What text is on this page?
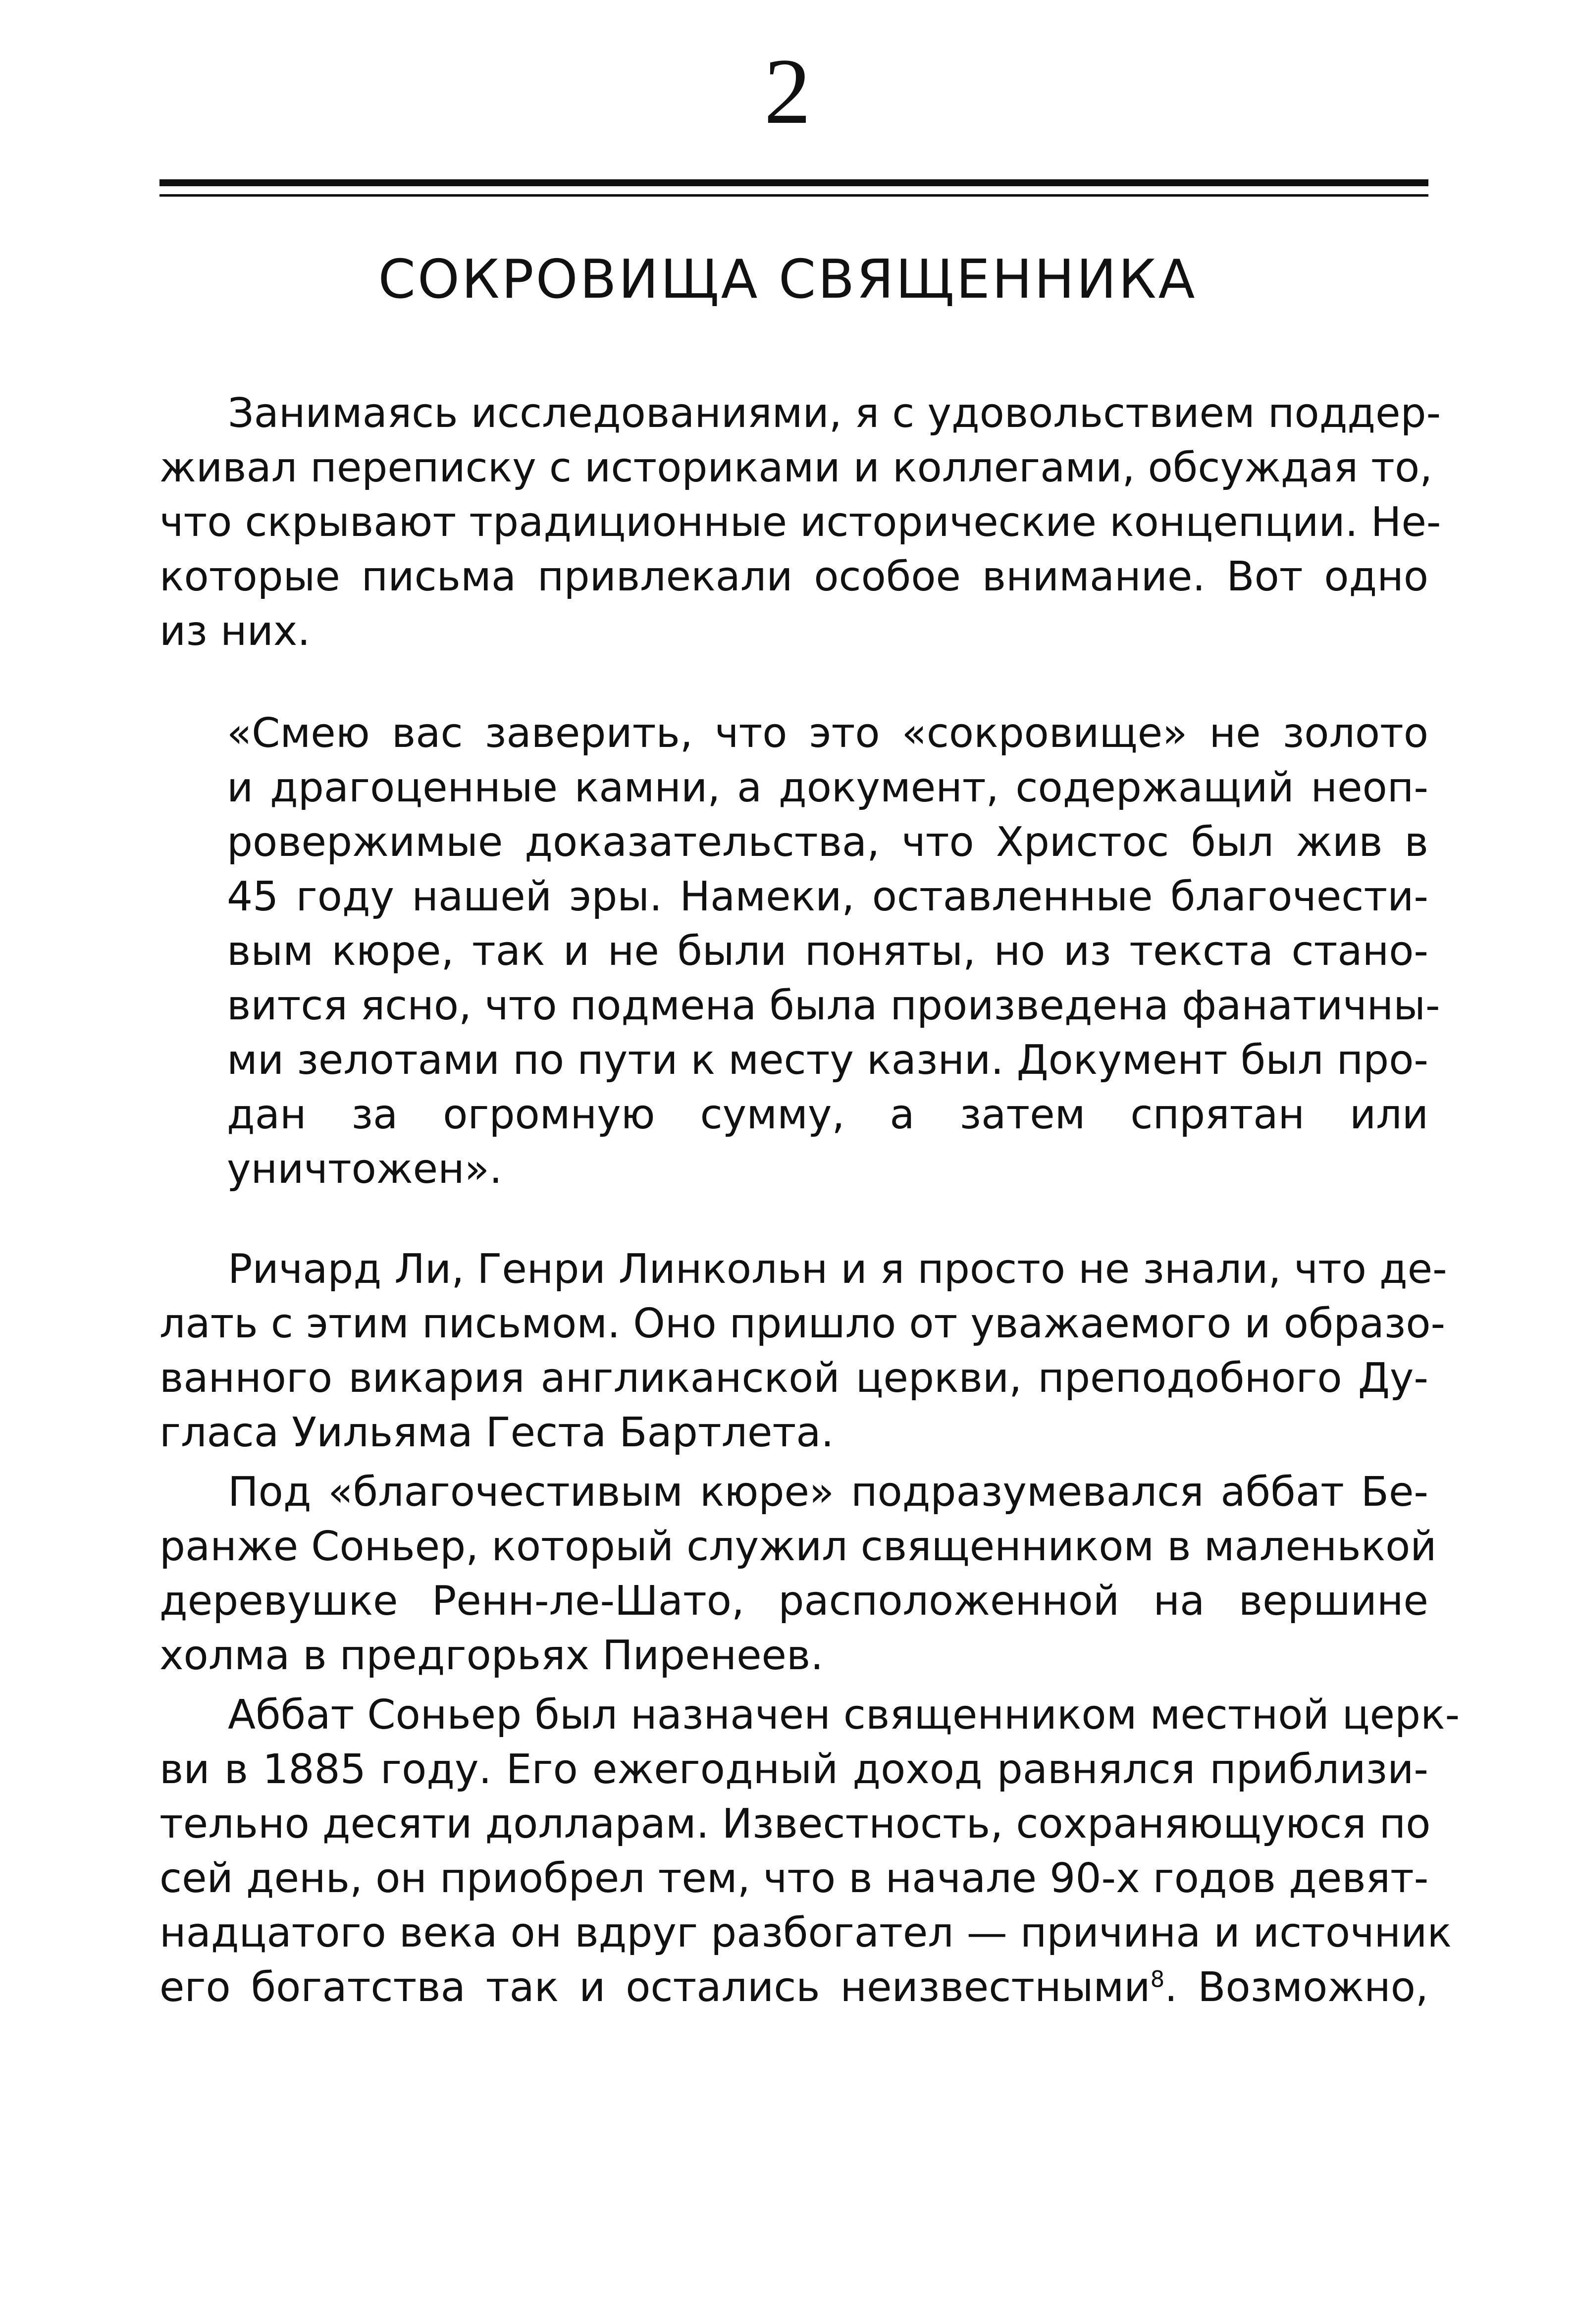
2
СОКРОВИЩА СВЯЩЕННИКА
Занимаясь исследованиями, я с удовольствием поддер-
живал переписку с историками и коллегами, обсуждая то,
что скрывают традиционные исторические концепции. Не-
которые письма привлекали особое внимание. Вот одно
из них.
«Смею вас заверить, что это «сокровище» не золото
и драгоценные камни, а документ, содержащий неоп-
ровержимые доказательства, что Христос был жив в
45 году нашей эры. Намеки, оставленные благочести-
вым кюре, так и не были поняты, но из текста стано-
вится ясно, что подмена была произведена фанатичны-
ми зелотами по пути к месту казни. Документ был про-
дан за огромную сумму, а затем спрятан или
уничтожен».
Ричард Ли, Генри Линкольн и я просто не знали, что де-
лать с этим письмом. Оно пришло от уважаемого и образо-
ванного викария англиканской церкви, преподобного Ду-
гласа Уильяма Геста Бартлета.
Под «благочестивым кюре» подразумевался аббат Бе-
ранже Соньер, который служил священником в маленькой
деревушке Ренн-ле-Шато, расположенной на вершине
холма в предгорьях Пиренеев.
Аббат Соньер был назначен священником местной церк-
ви в 1885 году. Его ежегодный доход равнялся приблизи-
тельно десяти долларам. Известность, сохраняющуюся по
сей день, он приобрел тем, что в начале 90-х годов девят-
надцатого века он вдруг разбогател — причина и источник
его богатства так и остались неизвестными$^8$. Возможно,
